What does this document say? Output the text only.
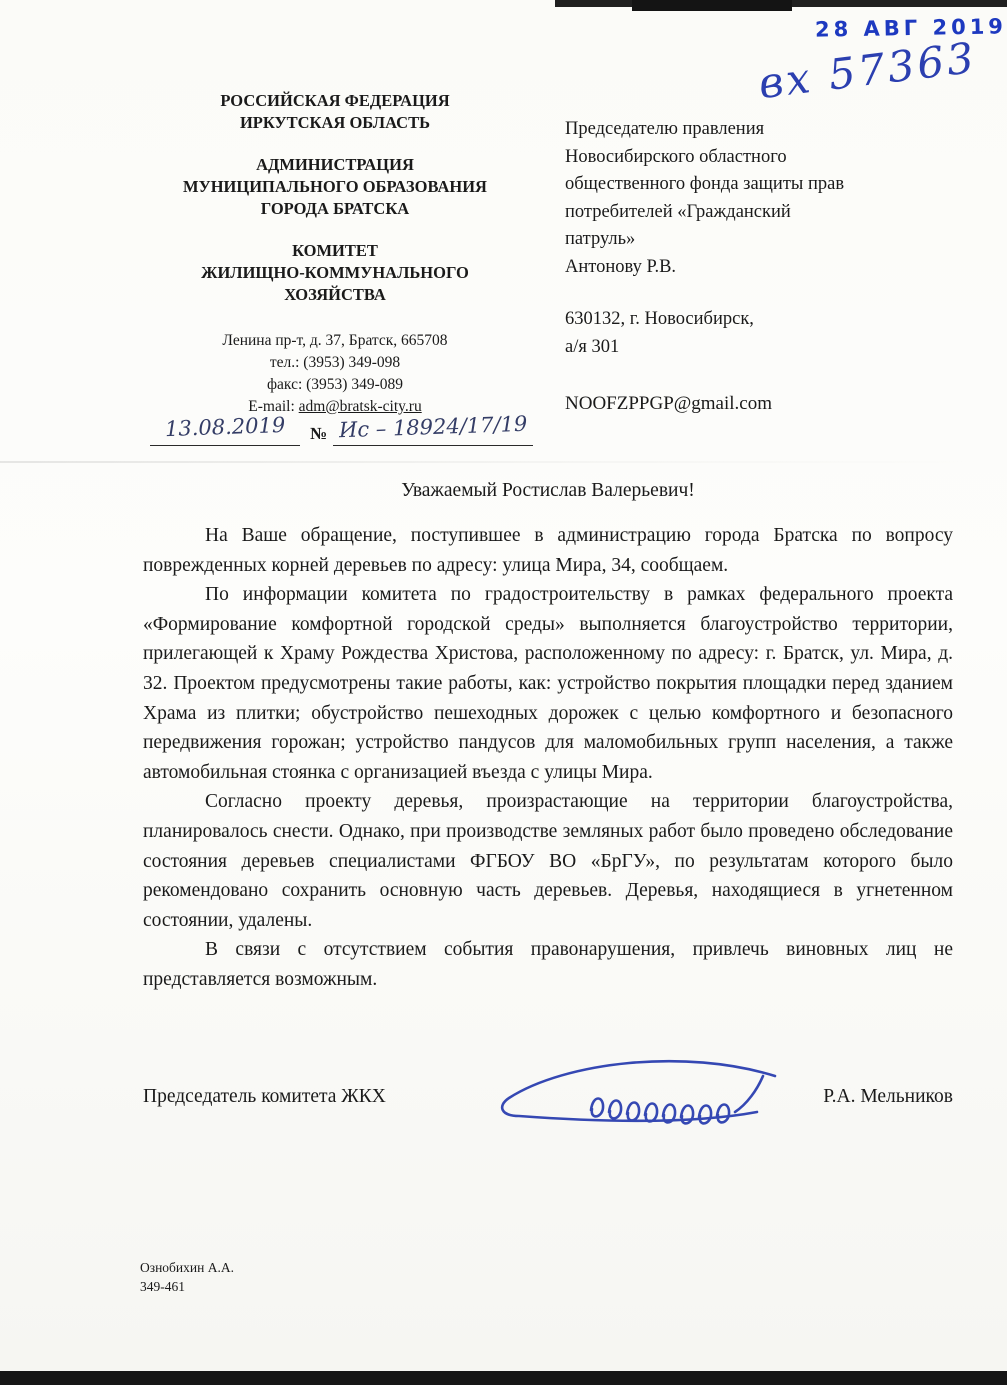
28 АВГ 2019
вх 57363
РОССИЙСКАЯ ФЕДЕРАЦИЯ
ИРКУТСКАЯ ОБЛАСТЬ
АДМИНИСТРАЦИЯ
МУНИЦИПАЛЬНОГО ОБРАЗОВАНИЯ
ГОРОДА БРАТСКА
КОМИТЕТ
ЖИЛИЩНО-КОММУНАЛЬНОГО
ХОЗЯЙСТВА
Ленина пр-т, д. 37, Братск, 665708
тел.: (3953) 349-098
факс: (3953) 349-089
E-mail: adm@bratsk-city.ru
13.08.2019	№ Ис – 18924/17/19
Председателю правления
Новосибирского областного
общественного фонда защиты прав
потребителей «Гражданский
патруль»
Антонову Р.В.
630132, г. Новосибирск,
а/я 301
NOOFZPPGP@gmail.com
Уважаемый Ростислав Валерьевич!

На Ваше обращение, поступившее в администрацию города Братска по вопросу поврежденных корней деревьев по адресу: улица Мира, 34, сообщаем.

По информации комитета по градостроительству в рамках федерального проекта «Формирование комфортной городской среды» выполняется благоустройство территории, прилегающей к Храму Рождества Христова, расположенному по адресу: г. Братск, ул. Мира, д. 32. Проектом предусмотрены такие работы, как: устройство покрытия площадки перед зданием Храма из плитки; обустройство пешеходных дорожек с целью комфортного и безопасного передвижения горожан; устройство пандусов для маломобильных групп населения, а также автомобильная стоянка с организацией въезда с улицы Мира.

Согласно проекту деревья, произрастающие на территории благоустройства, планировалось снести. Однако, при производстве земляных работ было проведено обследование состояния деревьев специалистами ФГБОУ ВО «БрГУ», по результатам которого было рекомендовано сохранить основную часть деревьев. Деревья, находящиеся в угнетенном состоянии, удалены.

В связи с отсутствием события правонарушения, привлечь виновных лиц не представляется возможным.

Председатель комитета ЖКХ	Р.А. Мельников
Ознобихин А.А.
349-461
